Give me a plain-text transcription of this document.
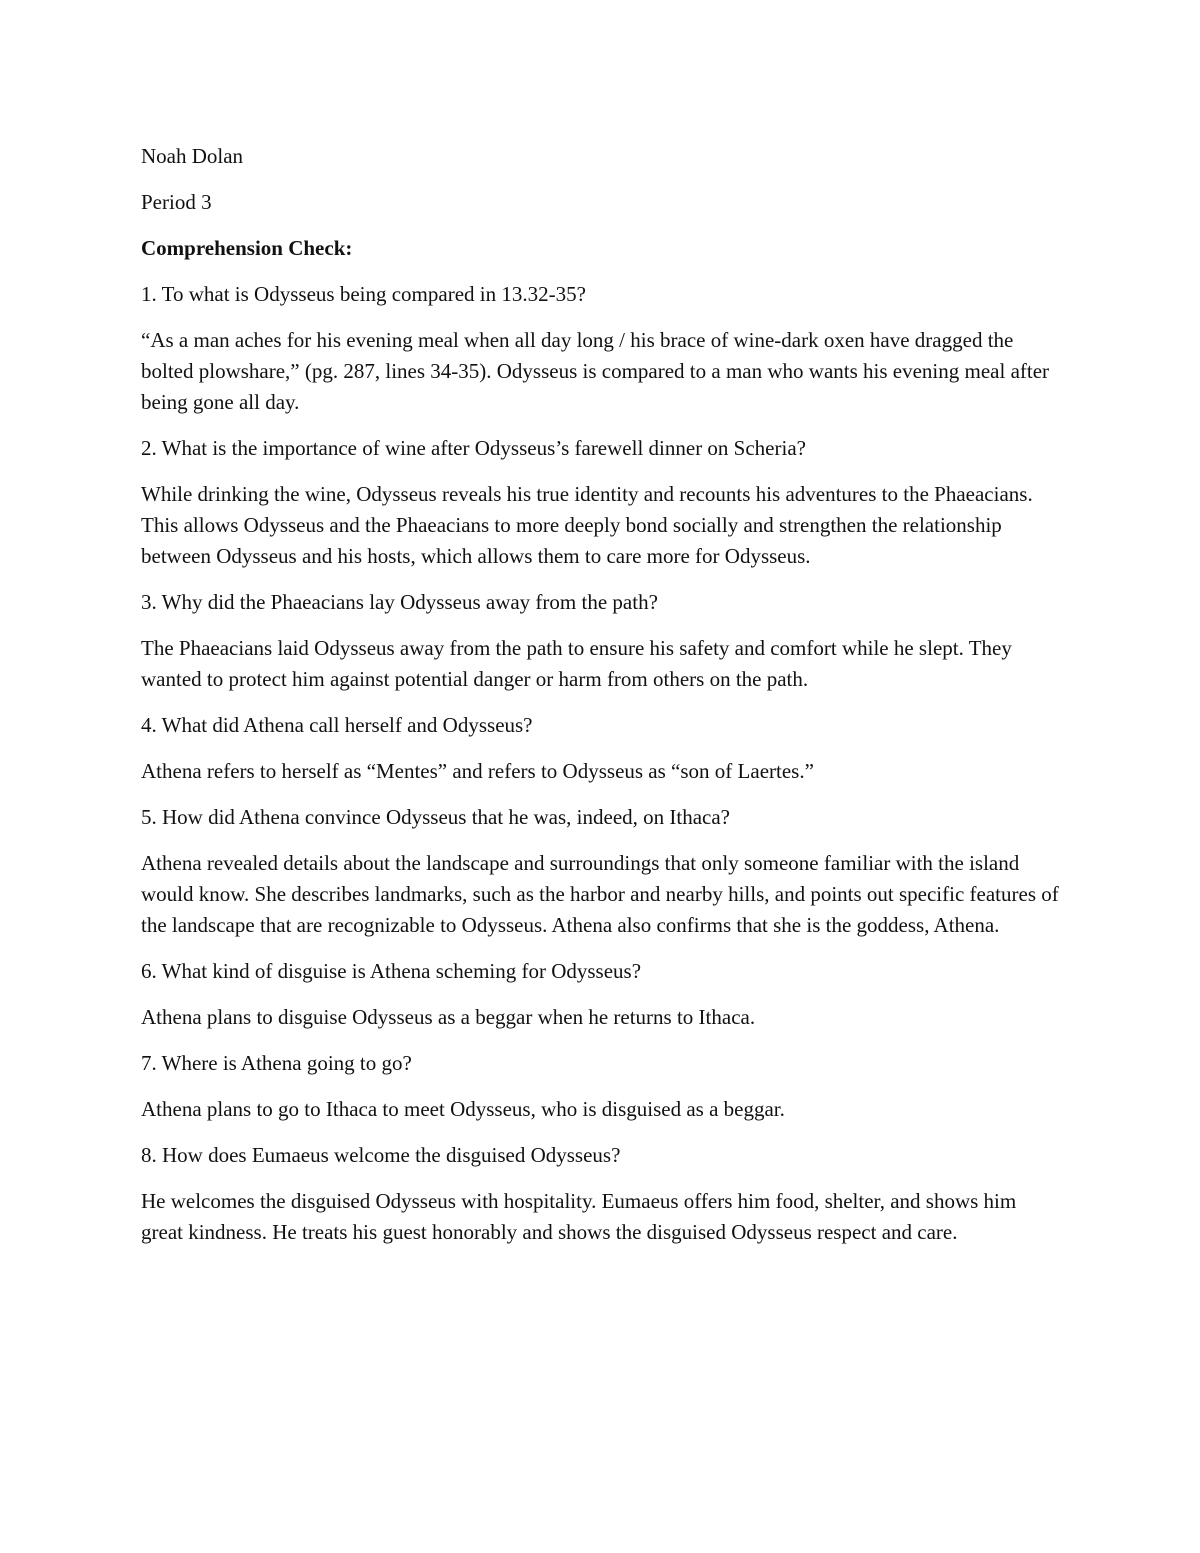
Noah Dolan

Period 3

Comprehension Check:

1. To what is Odysseus being compared in 13.32-35?

“As a man aches for his evening meal when all day long / his brace of wine-dark oxen have dragged the bolted plowshare,” (pg. 287, lines 34-35). Odysseus is compared to a man who wants his evening meal after being gone all day.

2. What is the importance of wine after Odysseus’s farewell dinner on Scheria?

While drinking the wine, Odysseus reveals his true identity and recounts his adventures to the Phaeacians. This allows Odysseus and the Phaeacians to more deeply bond socially and strengthen the relationship between Odysseus and his hosts, which allows them to care more for Odysseus.

3. Why did the Phaeacians lay Odysseus away from the path?

The Phaeacians laid Odysseus away from the path to ensure his safety and comfort while he slept. They wanted to protect him against potential danger or harm from others on the path.

4. What did Athena call herself and Odysseus?

Athena refers to herself as “Mentes” and refers to Odysseus as “son of Laertes.”

5. How did Athena convince Odysseus that he was, indeed, on Ithaca?

Athena revealed details about the landscape and surroundings that only someone familiar with the island would know. She describes landmarks, such as the harbor and nearby hills, and points out specific features of the landscape that are recognizable to Odysseus. Athena also confirms that she is the goddess, Athena.

6. What kind of disguise is Athena scheming for Odysseus?

Athena plans to disguise Odysseus as a beggar when he returns to Ithaca.

7. Where is Athena going to go?

Athena plans to go to Ithaca to meet Odysseus, who is disguised as a beggar.

8. How does Eumaeus welcome the disguised Odysseus?

He welcomes the disguised Odysseus with hospitality. Eumaeus offers him food, shelter, and shows him great kindness. He treats his guest honorably and shows the disguised Odysseus respect and care.
